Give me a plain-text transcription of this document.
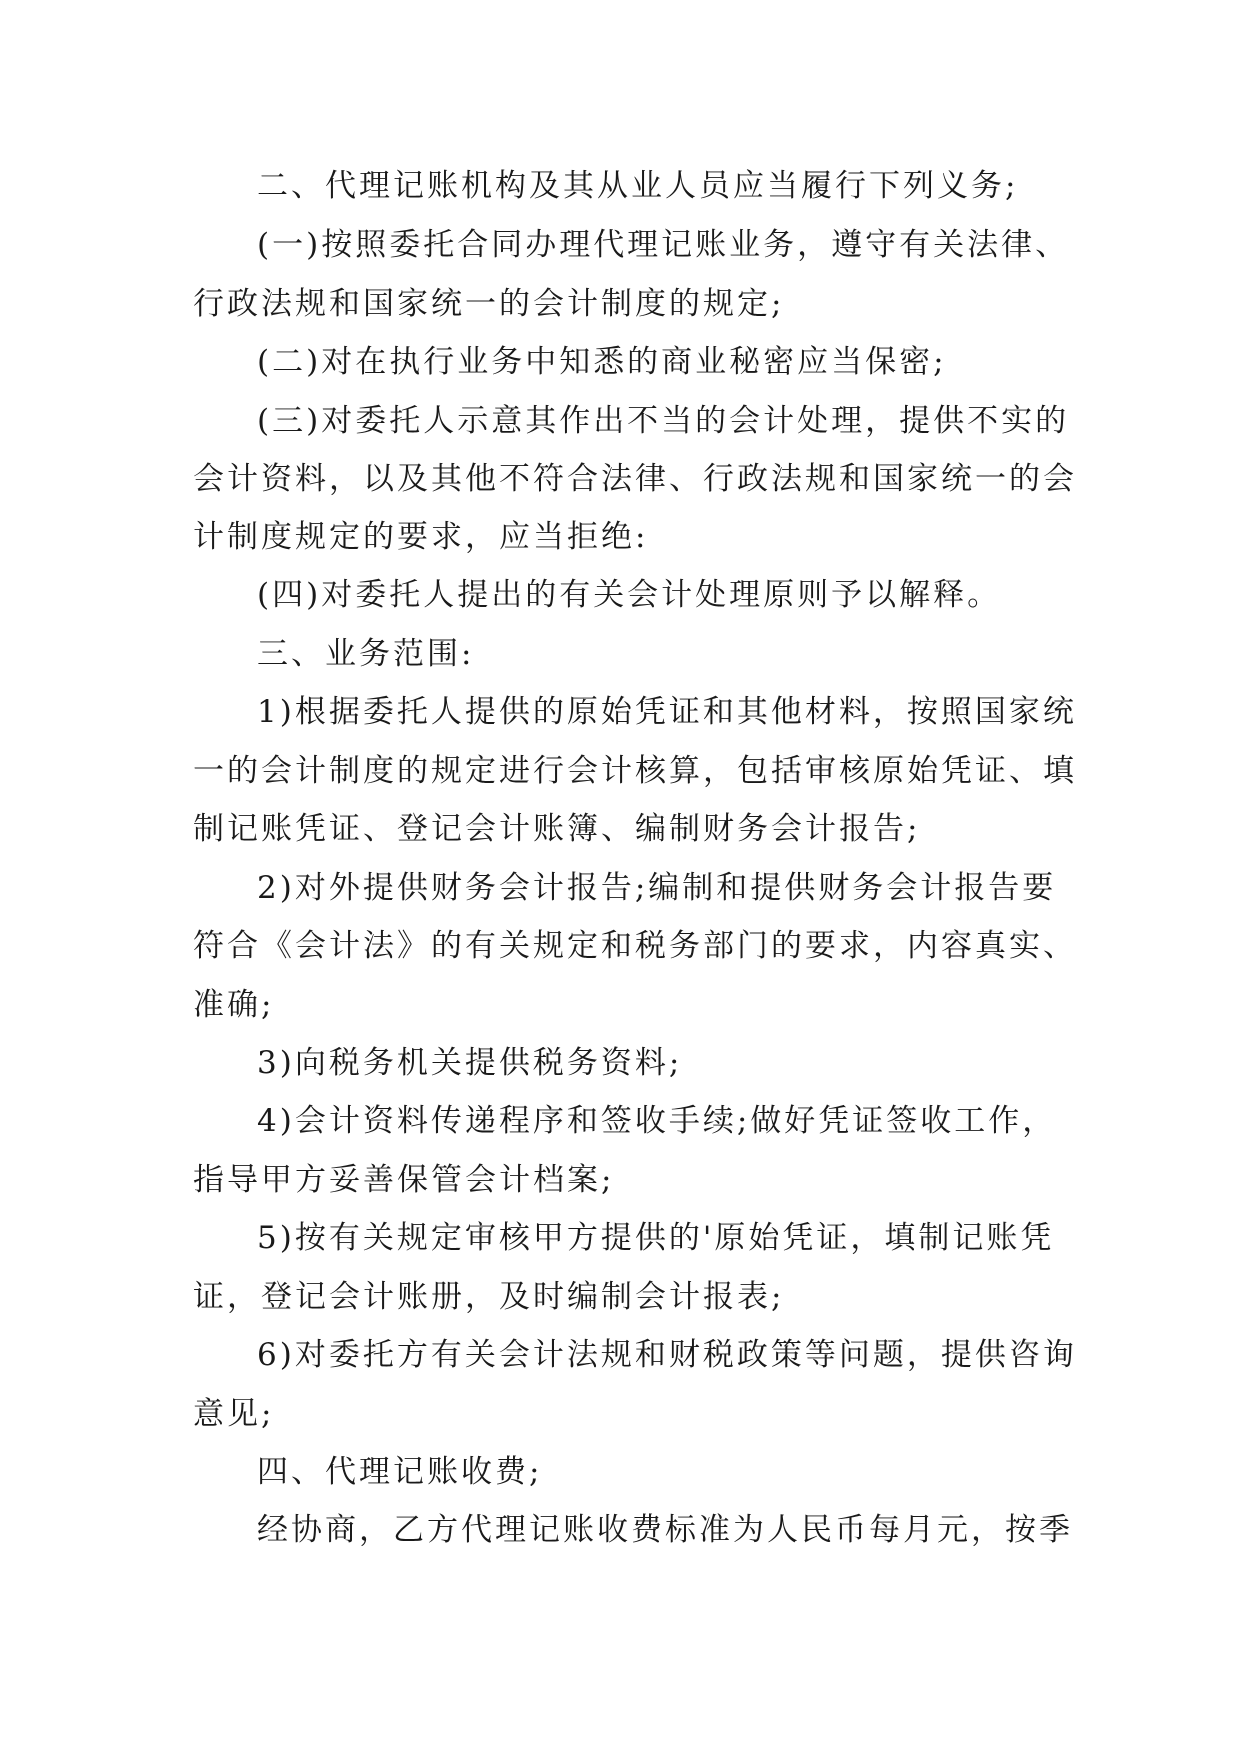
二、代理记账机构及其从业人员应当履行下列义务;
(一)按照委托合同办理代理记账业务，遵守有关法律、
行政法规和国家统一的会计制度的规定;
(二)对在执行业务中知悉的商业秘密应当保密;
(三)对委托人示意其作出不当的会计处理，提供不实的
会计资料，以及其他不符合法律、行政法规和国家统一的会
计制度规定的要求，应当拒绝:
(四)对委托人提出的有关会计处理原则予以解释。
三、业务范围:
1)根据委托人提供的原始凭证和其他材料，按照国家统
一的会计制度的规定进行会计核算，包括审核原始凭证、填
制记账凭证、登记会计账簿、编制财务会计报告;
2)对外提供财务会计报告;编制和提供财务会计报告要
符合《会计法》的有关规定和税务部门的要求，内容真实、
准确;
3)向税务机关提供税务资料;
4)会计资料传递程序和签收手续;做好凭证签收工作，
指导甲方妥善保管会计档案;
5)按有关规定审核甲方提供的'原始凭证，填制记账凭
证，登记会计账册，及时编制会计报表;
6)对委托方有关会计法规和财税政策等问题，提供咨询
意见;
四、代理记账收费;
经协商，乙方代理记账收费标准为人民币每月元，按季
